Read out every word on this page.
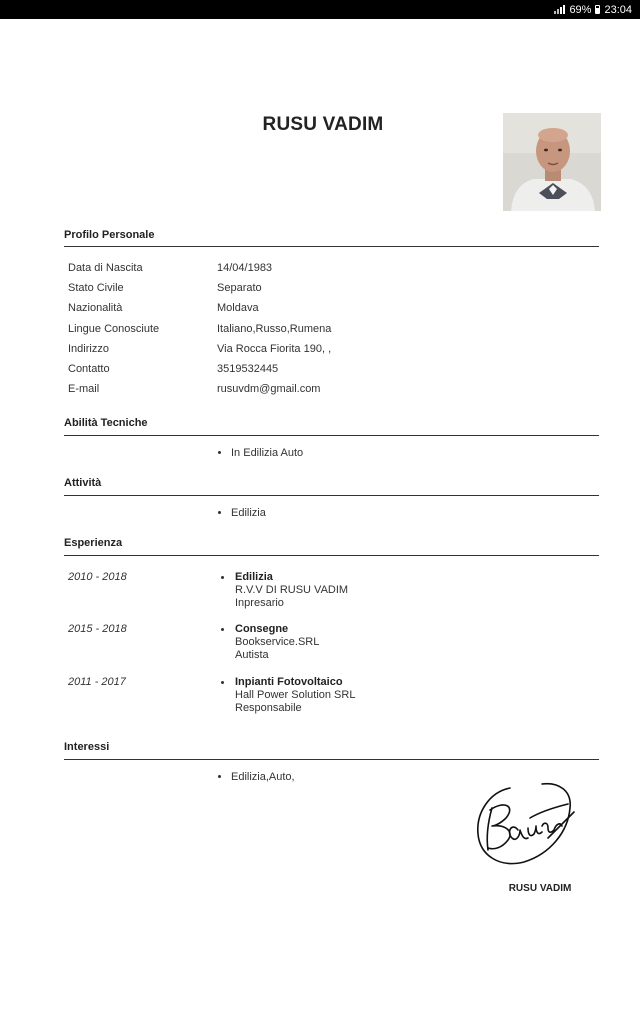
69% 23:04
RUSU VADIM
Profilo Personale
Data di Nascita	14/04/1983
Stato Civile	Separato
Nazionalità	Moldava
Lingue Conosciute	Italiano,Russo,Rumena
Indirizzo	Via Rocca Fiorita 190, ,
Contatto	3519532445
E-mail	rusuvdm@gmail.com
Abilità Tecniche
In Edilizia Auto
Attività
Edilizia
Esperienza
2010 - 2018	Edilizia
R.V.V DI RUSU VADIM
Inpresario
2015 - 2018	Consegne
Bookservice.SRL
Autista
2011 - 2017	Inpianti Fotovoltaico
Hall Power Solution SRL
Responsabile
Interessi
Edilizia,Auto,
RUSU VADIM
